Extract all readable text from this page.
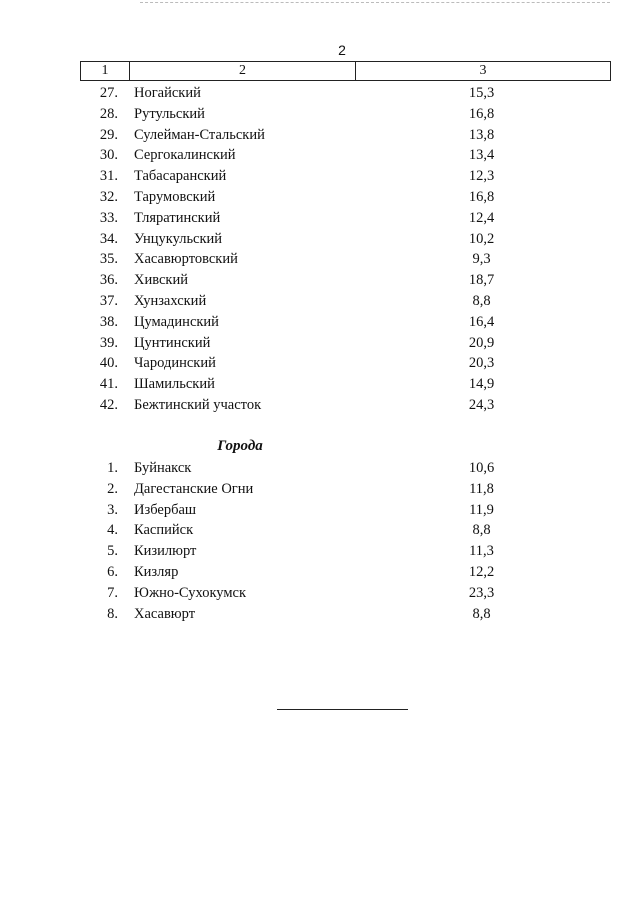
2
1	2	3
27. Ногайский	15,3
28. Рутульский	16,8
29. Сулейман-Стальский	13,8
30. Сергокалинский	13,4
31. Табасаранский	12,3
32. Тарумовский	16,8
33. Тляратинский	12,4
34. Унцукульский	10,2
35. Хасавюртовский	9,3
36. Хивский	18,7
37. Хунзахский	8,8
38. Цумадинский	16,4
39. Цунтинский	20,9
40. Чародинский	20,3
41. Шамильский	14,9
42. Бежтинский участок	24,3
Города
1. Буйнакск	10,6
2. Дагестанские Огни	11,8
3. Избербаш	11,9
4. Каспийск	8,8
5. Кизилюрт	11,3
6. Кизляр	12,2
7. Южно-Сухокумск	23,3
8. Хасавюрт	8,8
